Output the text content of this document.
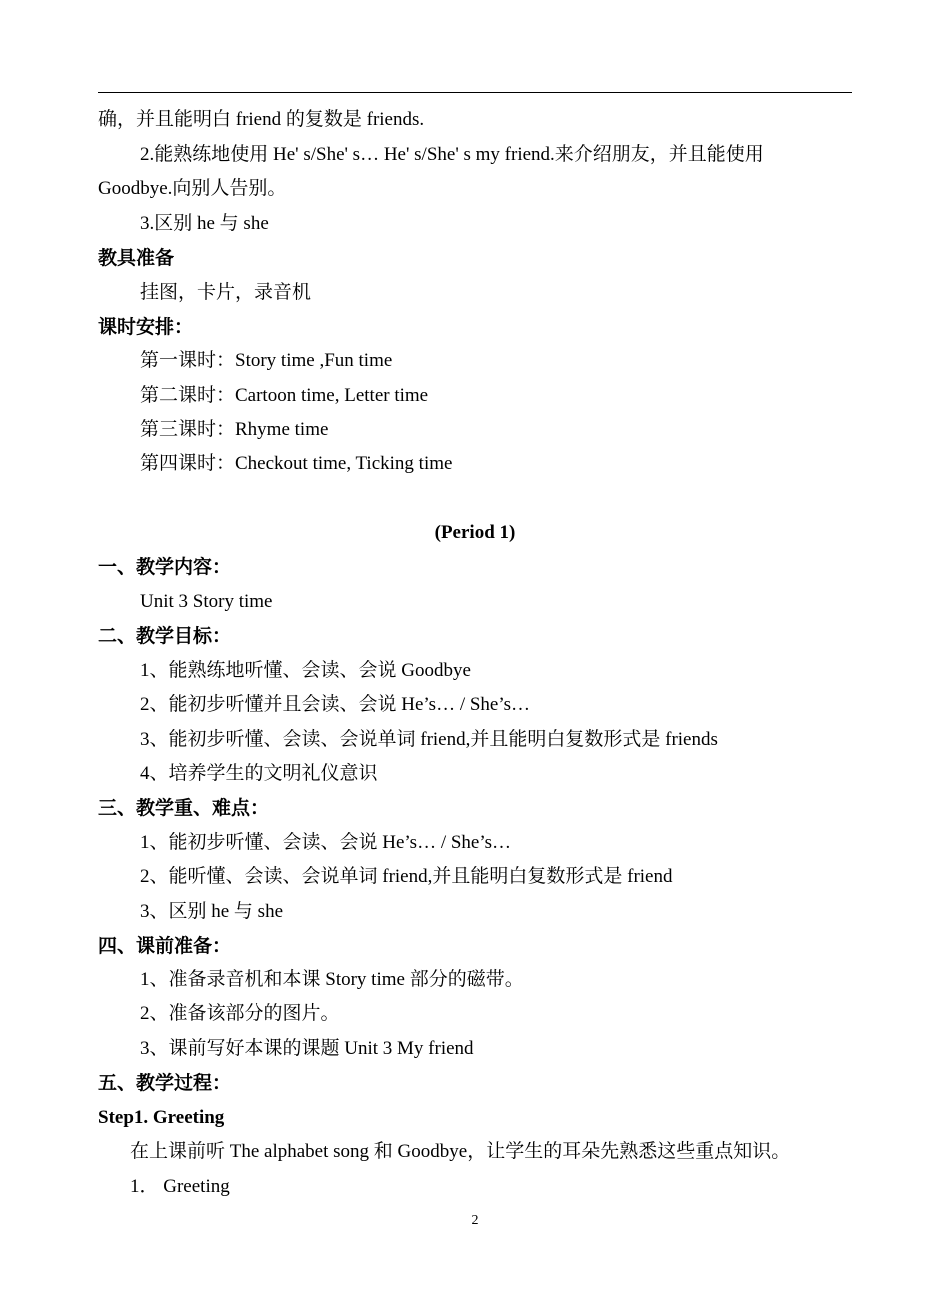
确，并且能明白 friend 的复数是 friends.
2.能熟练地使用 He' s/She' s… He' s/She' s my friend.来介绍朋友，并且能使用
Goodbye.向别人告别。
3.区别 he 与 she
教具准备
挂图，卡片，录音机
课时安排：
第一课时：Story time ,Fun time
第二课时：Cartoon time, Letter time
第三课时：Rhyme time
第四课时：Checkout time, Ticking time
(Period 1)
一、教学内容：
Unit 3 Story time
二、教学目标：
1、能熟练地听懂、会读、会说 Goodbye
2、能初步听懂并且会读、会说 He’s… / She’s…
3、能初步听懂、会读、会说单词 friend,并且能明白复数形式是 friends
4、培养学生的文明礼仪意识
三、教学重、难点：
1、能初步听懂、会读、会说 He’s… / She’s…
2、能听懂、会读、会说单词 friend,并且能明白复数形式是 friend
3、区别 he 与 she
四、课前准备：
1、准备录音机和本课 Story time 部分的磁带。
2、准备该部分的图片。
3、课前写好本课的课题 Unit 3 My friend
五、教学过程：
Step1. Greeting
在上课前听 The alphabet song 和 Goodbye，让学生的耳朵先熟悉这些重点知识。
1． Greeting
2
